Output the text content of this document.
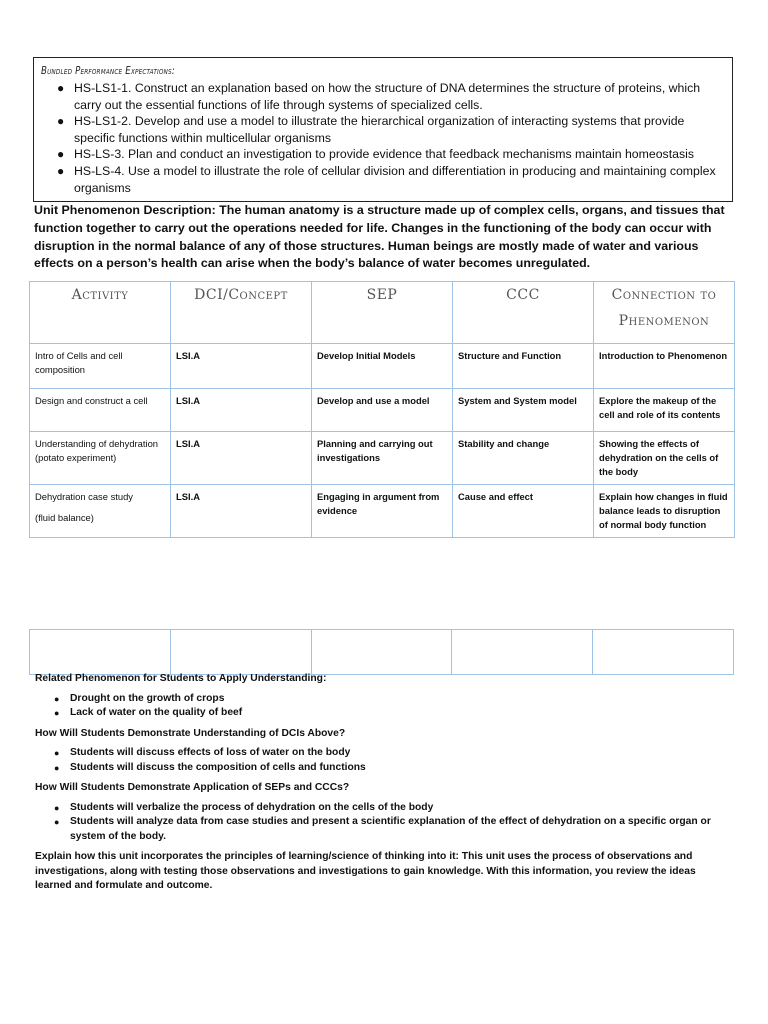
Bundled Performance Expectations:
● HS-LS1-1. Construct an explanation based on how the structure of DNA determines the structure of proteins, which carry out the essential functions of life through systems of specialized cells.
● HS-LS1-2. Develop and use a model to illustrate the hierarchical organization of interacting systems that provide specific functions within multicellular organisms
● HS-LS-3. Plan and conduct an investigation to provide evidence that feedback mechanisms maintain homeostasis
● HS-LS-4. Use a model to illustrate the role of cellular division and differentiation in producing and maintaining complex organisms
Unit Phenomenon Description: The human anatomy is a structure made up of complex cells, organs, and tissues that function together to carry out the operations needed for life. Changes in the functioning of the body can occur with disruption in the normal balance of any of those structures. Human beings are mostly made of water and various effects on a person’s health can arise when the body’s balance of water becomes unregulated.
Activity	DCI/Concept	SEP	CCC	Connection to Phenomenon
Intro of Cells and cell composition	LSI.A	Develop Initial Models	Structure and Function	Introduction to Phenomenon
Design and construct a cell	LSI.A	Develop and use a model	System and System model	Explore the makeup of the cell and role of its contents
Understanding of dehydration (potato experiment)	LSI.A	Planning and carrying out investigations	Stability and change	Showing the effects of dehydration on the cells of the body

Dehydration case study
(fluid balance)	LSI.A	Engaging in argument from evidence	Cause and effect	Explain how changes in fluid balance leads to disruption of normal body function

Related Phenomenon for Students to Apply Understanding:

● Drought on the growth of crops
● Lack of water on the quality of beef

How Will Students Demonstrate Understanding of DCIs Above?

● Students will discuss effects of loss of water on the body
● Students will discuss the composition of cells and functions

How Will Students Demonstrate Application of SEPs and CCCs?

● Students will verbalize the process of dehydration on the cells of the body
● Students will analyze data from case studies and present a scientific explanation of the effect of dehydration on a specific organ or system of the body.

Explain how this unit incorporates the principles of learning/science of thinking into it: This unit uses the process of observations and investigations, along with testing those observations and investigations to gain knowledge. With this information, you review the ideas learned and formulate and outcome.
